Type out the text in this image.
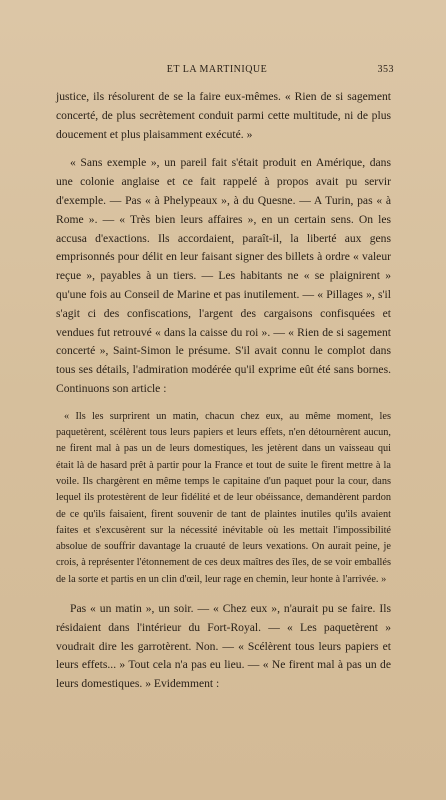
ET LA MARTINIQUE	353

justice, ils résolurent de se la faire eux-mêmes. « Rien de si sagement concerté, de plus secrètement conduit parmi cette multitude, ni de plus doucement et plus plaisamment exécuté. »

« Sans exemple », un pareil fait s'était produit en Amérique, dans une colonie anglaise et ce fait rappelé à propos avait pu servir d'exemple. — Pas « à Phelypeaux », à du Quesne. — A Turin, pas « à Rome ». — « Très bien leurs affaires », en un certain sens. On les accusa d'exactions. Ils accordaient, paraît-il, la liberté aux gens emprisonnés pour délit en leur faisant signer des billets à ordre « valeur reçue », payables à un tiers. — Les habitants ne « se plaignirent » qu'une fois au Conseil de Marine et pas inutilement. — « Pillages », s'il s'agit ci des confiscations, l'argent des cargaisons confisquées et vendues fut retrouvé « dans la caisse du roi ». — « Rien de si sagement concerté », Saint-Simon le présume. S'il avait connu le complot dans tous ses détails, l'admiration modérée qu'il exprime eût été sans bornes. Continuons son article :

« Ils les surprirent un matin, chacun chez eux, au même moment, les paquetèrent, scélèrent tous leurs papiers et leurs effets, n'en détournèrent aucun, ne firent mal à pas un de leurs domestiques, les jetèrent dans un vaisseau qui était là de hasard prêt à partir pour la France et tout de suite le firent mettre à la voile. Ils chargèrent en même temps le capitaine d'un paquet pour la cour, dans lequel ils protestèrent de leur fidélité et de leur obéissance, demandèrent pardon de ce qu'ils faisaient, firent souvenir de tant de plaintes inutiles qu'ils avaient faites et s'excusèrent sur la nécessité inévitable où les mettait l'impossibilité absolue de souffrir davantage la cruauté de leurs vexations. On aurait peine, je crois, à représenter l'étonnement de ces deux maîtres des îles, de se voir emballés de la sorte et partis en un clin d'œil, leur rage en chemin, leur honte à l'arrivée. »

Pas « un matin », un soir. — « Chez eux », n'aurait pu se faire. Ils résidaient dans l'intérieur du Fort-Royal. — « Les paquetèrent » voudrait dire les garrotèrent. Non. — « Scélèrent tous leurs papiers et leurs effets... » Tout cela n'a pas eu lieu. — « Ne firent mal à pas un de leurs domestiques. » Evidemment :
